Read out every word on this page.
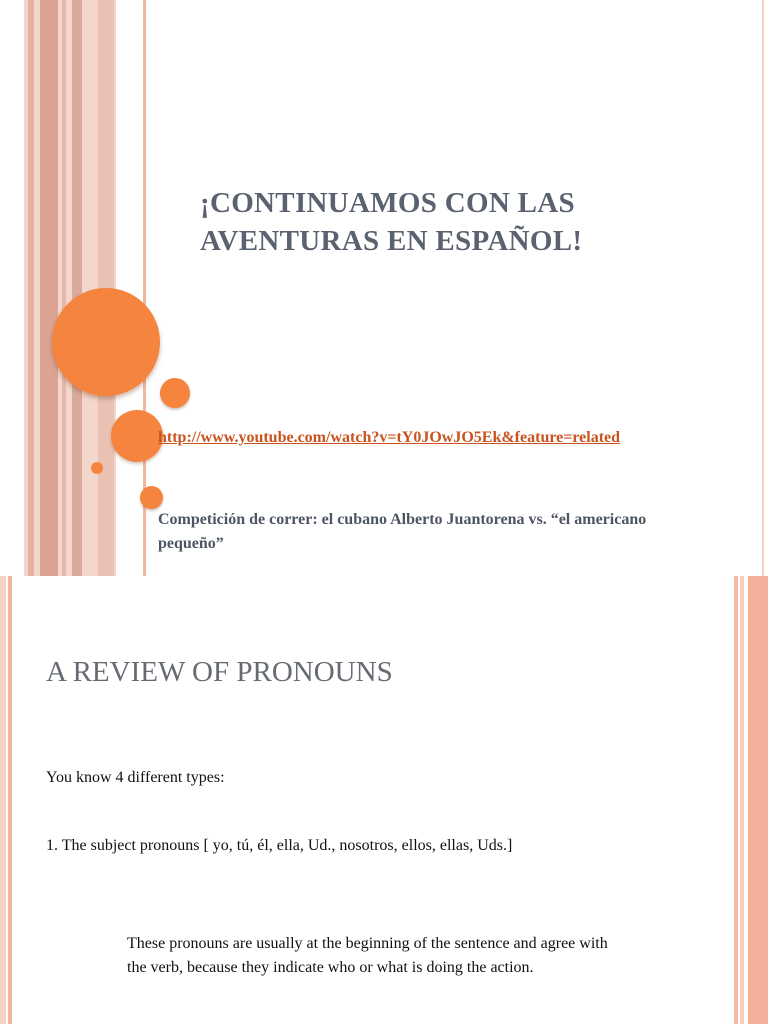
¡CONTINUAMOS CON LAS AVENTURAS EN ESPAÑOL!
http://www.youtube.com/watch?v=tY0JOwJO5Ek&feature=related
Competición de correr: el cubano Alberto Juantorena vs. “el americano pequeño”
A REVIEW OF PRONOUNS
You know 4 different types:
1. The subject pronouns [ yo, tú, él, ella, Ud., nosotros, ellos, ellas, Uds.]
These pronouns are usually at the beginning of the sentence and agree with the verb, because they indicate who or what is doing the action.
